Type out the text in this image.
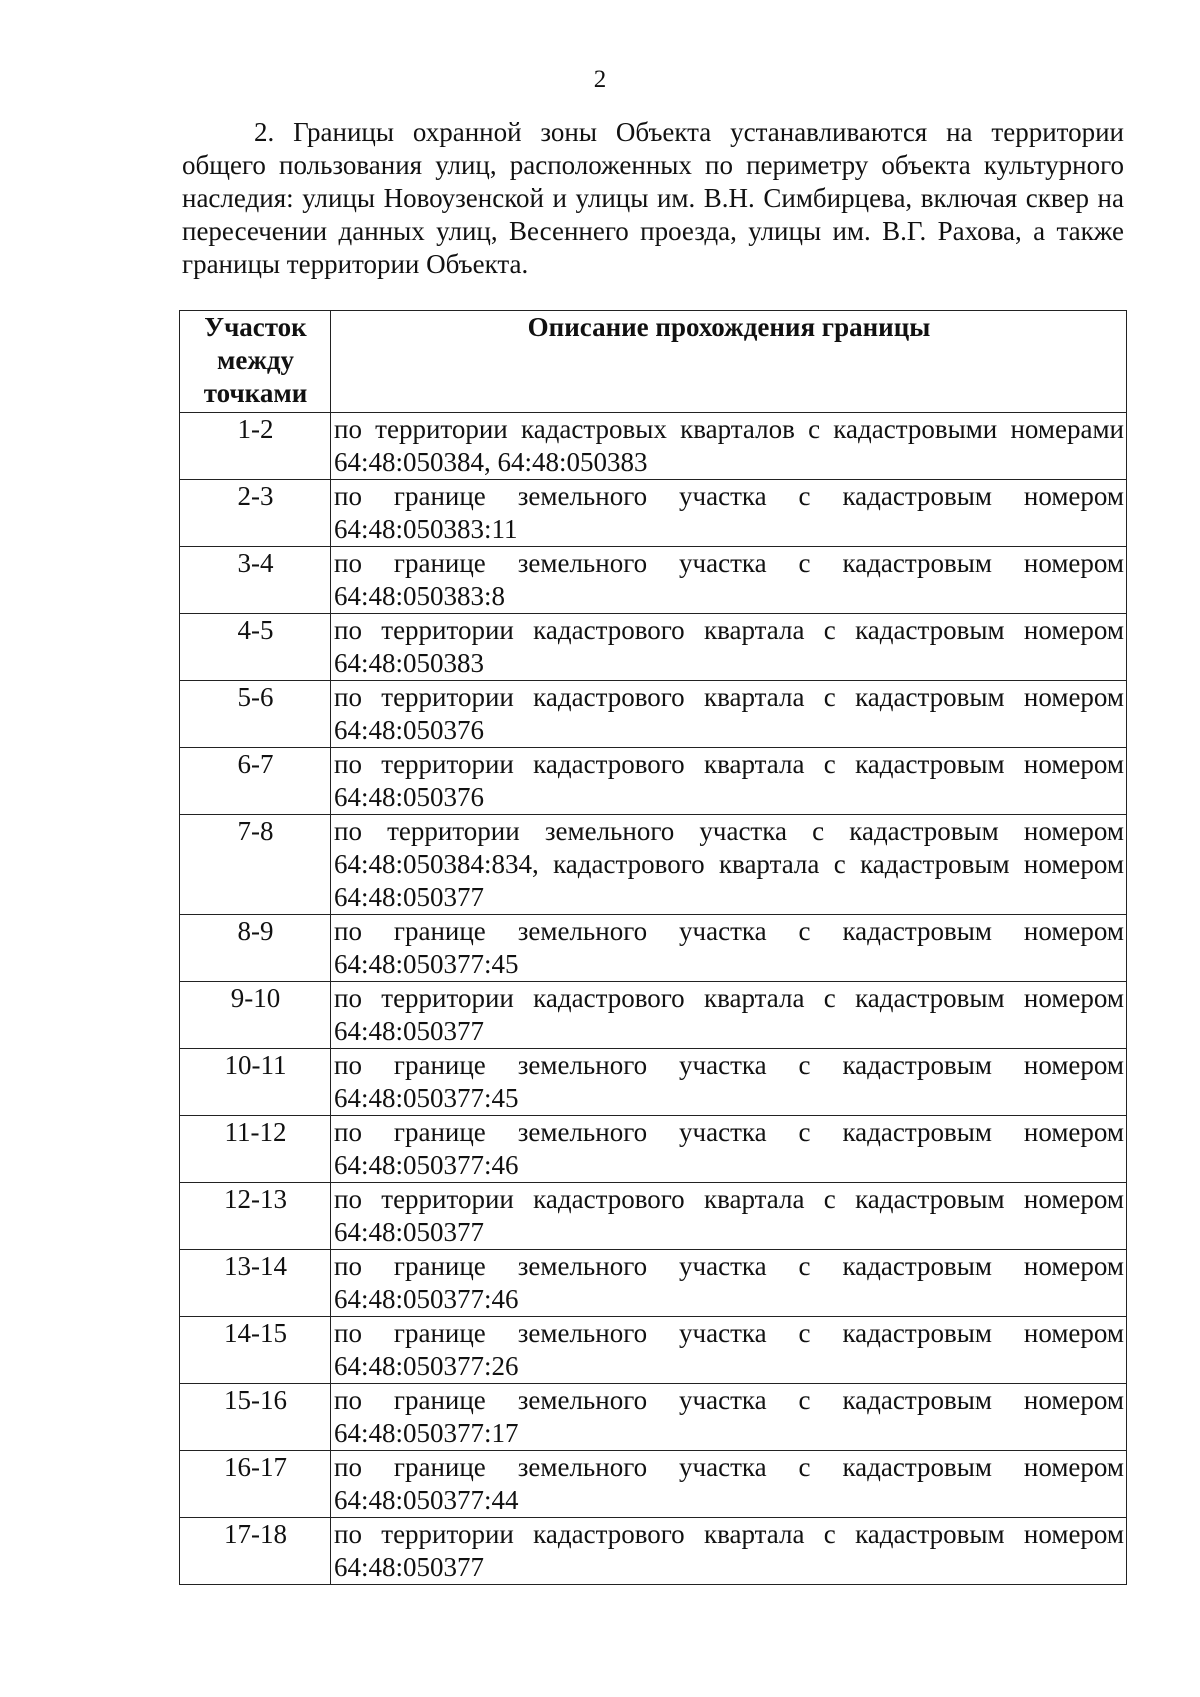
2

2. Границы охранной зоны Объекта устанавливаются на территории общего пользования улиц, расположенных по периметру объекта культурного наследия: улицы Новоузенской и улицы им. В.Н. Симбирцева, включая сквер на пересечении данных улиц, Весеннего проезда, улицы им. В.Г. Рахова, а также границы территории Объекта.

Участок между точками	Описание прохождения границы
1-2	по территории кадастровых кварталов с кадастровыми номерами
64:48:050384, 64:48:050383

2-3	по границе земельного участка с кадастровым номером
64:48:050383:11

3-4	по границе земельного участка с кадастровым номером
64:48:050383:8

4-5	по территории кадастрового квартала с кадастровым номером
64:48:050383

5-6	по территории кадастрового квартала с кадастровым номером
64:48:050376

6-7	по территории кадастрового квартала с кадастровым номером
64:48:050376

7-8	по территории земельного участка с кадастровым номером
64:48:050384:834, кадастрового квартала с кадастровым номером
64:48:050377

8-9	по границе земельного участка с кадастровым номером
64:48:050377:45

9-10	по территории кадастрового квартала с кадастровым номером
64:48:050377

10-11	по границе земельного участка с кадастровым номером
64:48:050377:45

11-12	по границе земельного участка с кадастровым номером
64:48:050377:46

12-13	по территории кадастрового квартала с кадастровым номером
64:48:050377

13-14	по границе земельного участка с кадастровым номером
64:48:050377:46

14-15	по границе земельного участка с кадастровым номером
64:48:050377:26

15-16	по границе земельного участка с кадастровым номером
64:48:050377:17

16-17	по границе земельного участка с кадастровым номером
64:48:050377:44

17-18	по территории кадастрового квартала с кадастровым номером
64:48:050377
